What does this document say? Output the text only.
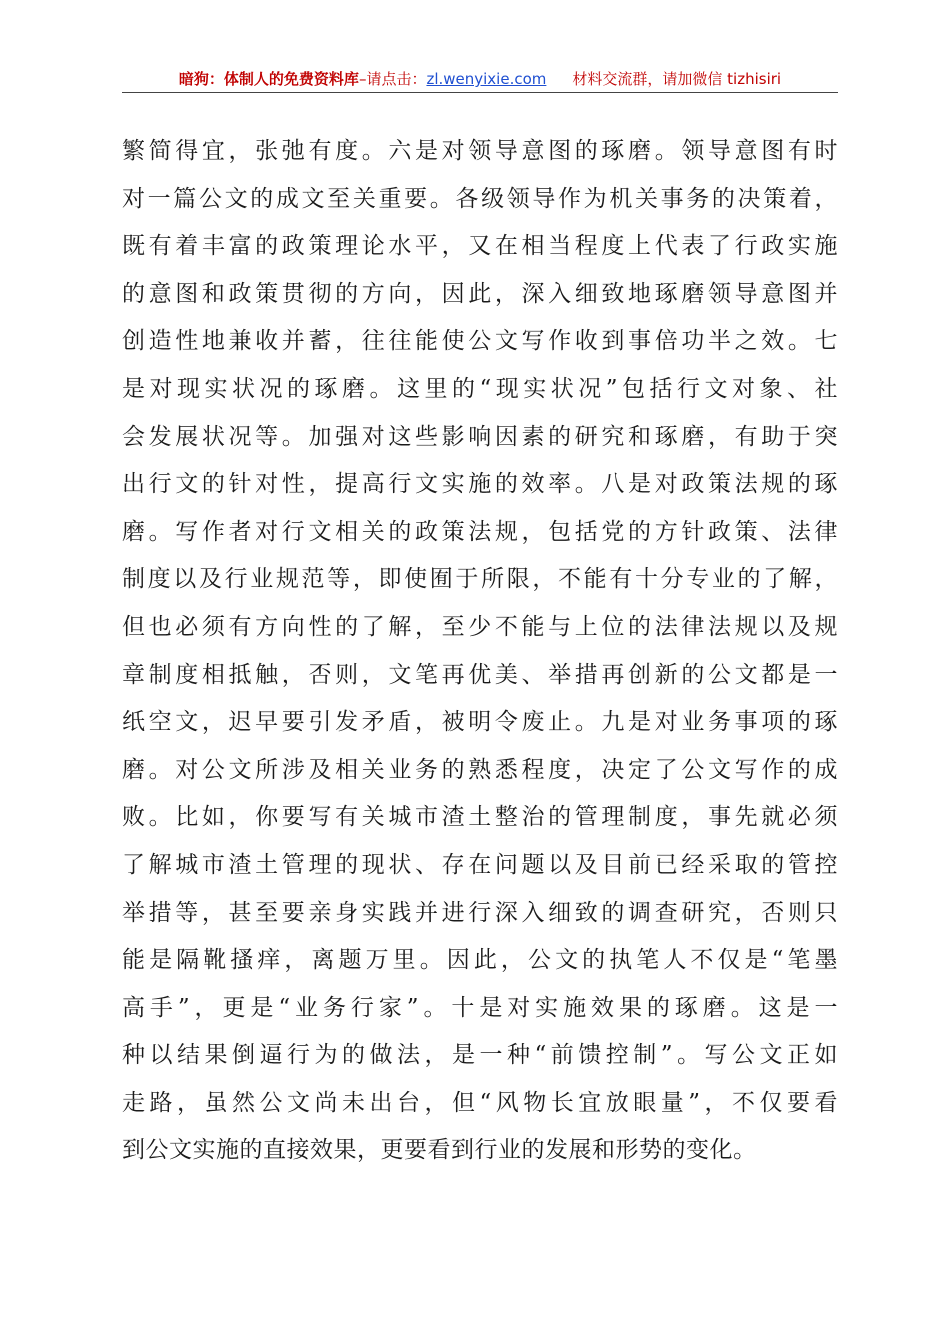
暗狗：体制人的免费资料库–请点击：zl.wenyixie.com 材料交流群，请加微信 tizhisiri
繁简得宜，张弛有度。六是对领导意图的琢磨。领导意图有时
对一篇公文的成文至关重要。各级领导作为机关事务的决策着，
既有着丰富的政策理论水平，又在相当程度上代表了行政实施
的意图和政策贯彻的方向，因此，深入细致地琢磨领导意图并
创造性地兼收并蓄，往往能使公文写作收到事倍功半之效。七
是对现实状况的琢磨。这里的“现实状况”包括行文对象、社
会发展状况等。加强对这些影响因素的研究和琢磨，有助于突
出行文的针对性，提高行文实施的效率。八是对政策法规的琢
磨。写作者对行文相关的政策法规，包括党的方针政策、法律
制度以及行业规范等，即使囿于所限，不能有十分专业的了解，
但也必须有方向性的了解，至少不能与上位的法律法规以及规
章制度相抵触，否则，文笔再优美、举措再创新的公文都是一
纸空文，迟早要引发矛盾，被明令废止。九是对业务事项的琢
磨。对公文所涉及相关业务的熟悉程度，决定了公文写作的成
败。比如，你要写有关城市渣土整治的管理制度，事先就必须
了解城市渣土管理的现状、存在问题以及目前已经采取的管控
举措等，甚至要亲身实践并进行深入细致的调查研究，否则只
能是隔靴搔痒，离题万里。因此，公文的执笔人不仅是“笔墨
高手”，更是“业务行家”。十是对实施效果的琢磨。这是一
种以结果倒逼行为的做法，是一种“前馈控制”。写公文正如
走路，虽然公文尚未出台，但“风物长宜放眼量”，不仅要看
到公文实施的直接效果，更要看到行业的发展和形势的变化。
